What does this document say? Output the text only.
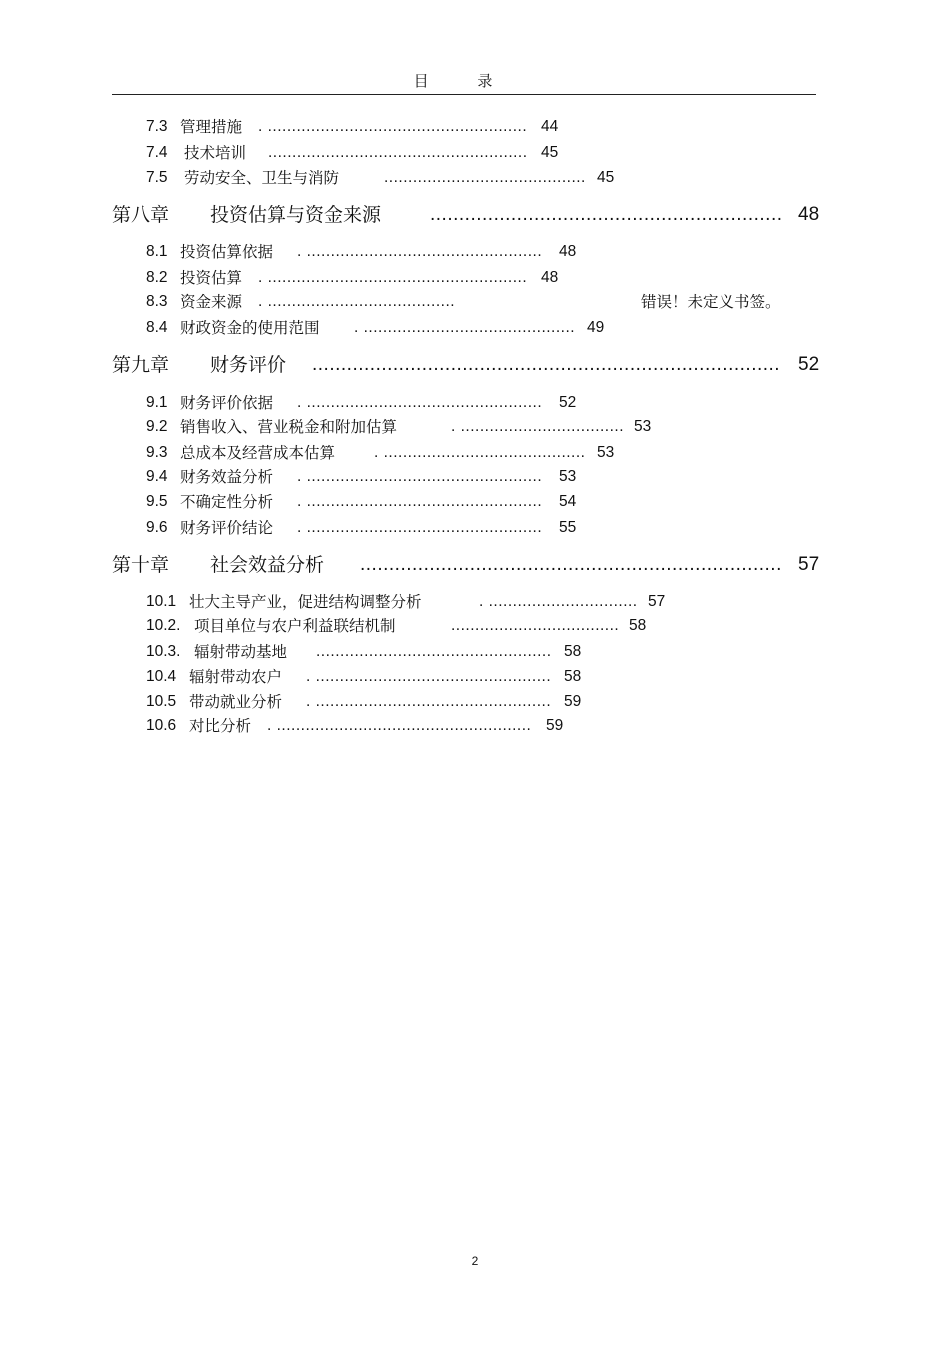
目 录
7.3 管理措施 . ...................................................... 44
7.4 技术培训 ...................................................... 45
7.5 劳动安全、卫生与消防	.......................................... 45
第八章 投资估算与资金来源	............................................................. 48
8.1 投资估算依据 . .................................................	48
8.2 投资估算 . ...................................................... 48
8.3 资金来源 . .......................................	错误！未定义书签。
8.4 财政资金的使用范围 . ............................................ 49
第九章 财务评价 ................................................................................. 52
9.1 财务评价依据 . .................................................	52
9.2 销售收入、营业税金和附加估算	. .................................. 53
9.3 总成本及经营成本估算	. .......................................... 53
9.4 财务效益分析 . .................................................	53
9.5 不确定性分析 . .................................................	54
9.6 财务评价结论 . .................................................	55
第十章 社会效益分析 ......................................................................... 57
10.1 壮大主导产业，促进结构调整分析	. ............................... 57
10.2. 项目单位与农户利益联结机制	................................... 58
10.3. 辐射带动基地 ................................................. 58
10.4 辐射带动农户 . ................................................. 58
10.5 带动就业分析 . ................................................. 59
10.6 对比分析 . ..................................................... 59
2
